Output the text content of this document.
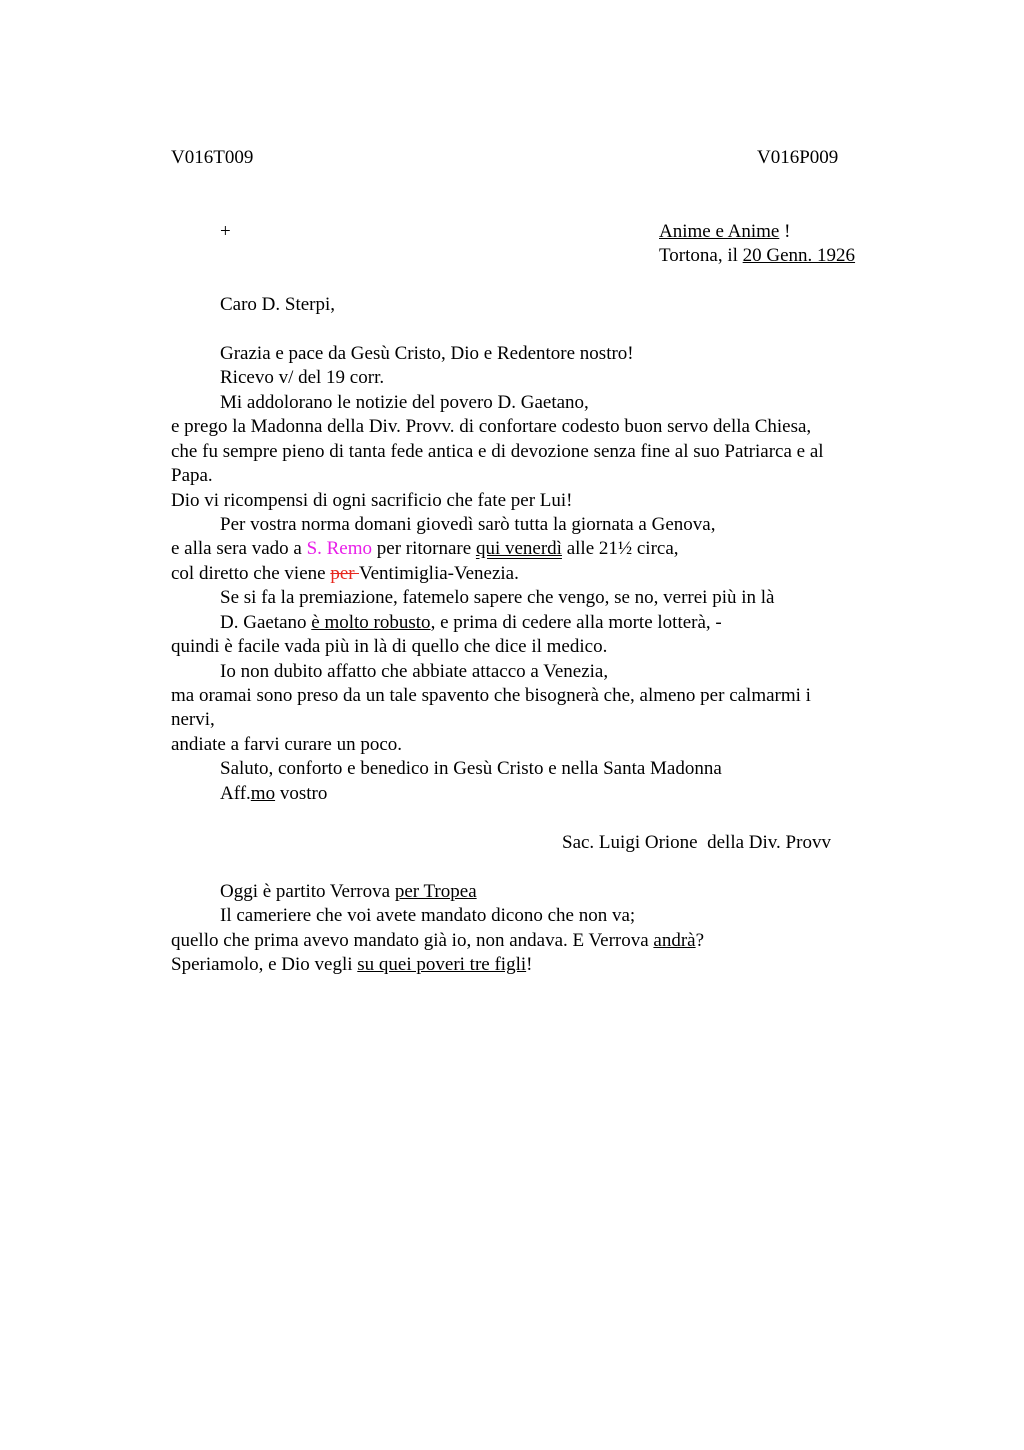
V016T009	V016P009
+	Anime e Anime !
Tortona, il 20 Genn. 1926
Caro D. Sterpi,
Grazia e pace da Gesù Cristo, Dio e Redentore nostro!
Ricevo v/ del 19 corr.
Mi addolorano le notizie del povero D. Gaetano,
e prego la Madonna della Div. Provv. di confortare codesto buon servo della Chiesa,
che fu sempre pieno di tanta fede antica e di devozione senza fine al suo Patriarca e al
Papa.
Dio vi ricompensi di ogni sacrificio che fate per Lui!
Per vostra norma domani giovedì sarò tutta la giornata a Genova,
e alla sera vado a S. Remo per ritornare qui venerdì alle 21½ circa,
col diretto che viene per Ventimiglia-Venezia.
Se si fa la premiazione, fatemelo sapere che vengo, se no, verrei più in là
D. Gaetano è molto robusto, e prima di cedere alla morte lotterà, -
quindi è facile vada più in là di quello che dice il medico.
Io non dubito affatto che abbiate attacco a Venezia,
ma oramai sono preso da un tale spavento che bisognerà che, almeno per calmarmi i
nervi,
andiate a farvi curare un poco.
Saluto, conforto e benedico in Gesù Cristo e nella Santa Madonna
Aff.mo vostro
Sac. Luigi Orione  della Div. Provv
Oggi è partito Verrova per Tropea
Il cameriere che voi avete mandato dicono che non va;
quello che prima avevo mandato già io, non andava. E Verrova andrà?
Speriamolo, e Dio vegli su quei poveri tre figli!
